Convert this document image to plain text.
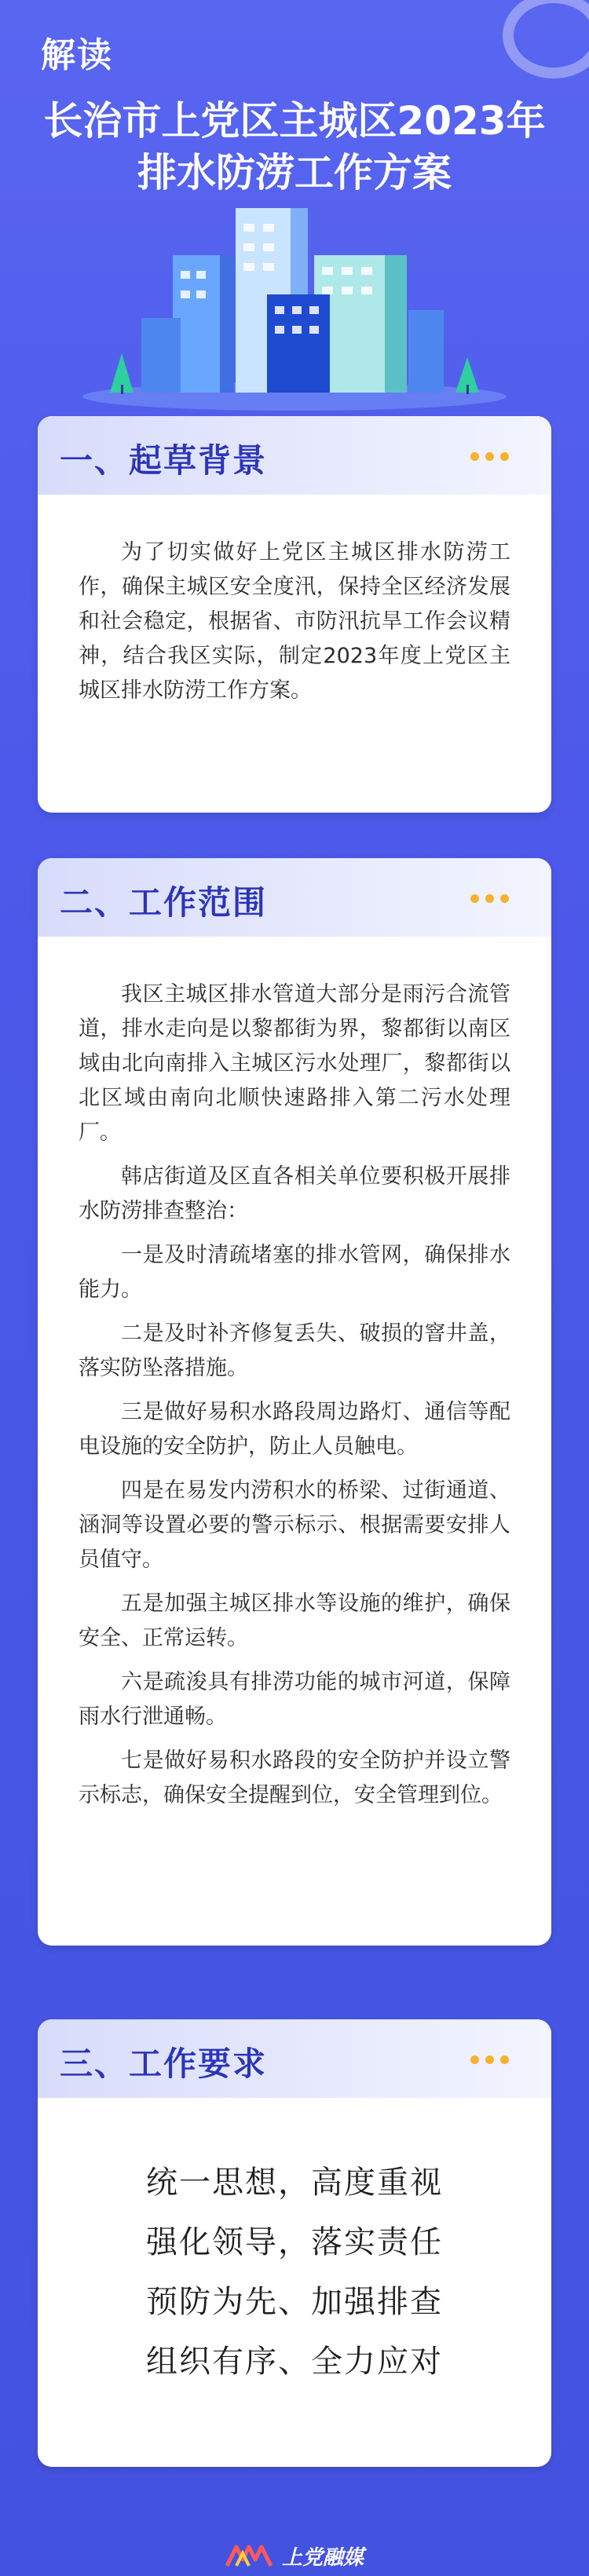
解读
长治市上党区主城区2023年
排水防涝工作方案
一、起草背景

为了切实做好上党区主城区排水防涝工作，确保主城区安全度汛，保持全区经济发展和社会稳定，根据省、市防汛抗旱工作会议精神，结合我区实际，制定2023年度上党区主城区排水防涝工作方案。

二、工作范围

我区主城区排水管道大部分是雨污合流管道，排水走向是以黎都街为界，黎都街以南区域由北向南排入主城区污水处理厂，黎都街以北区域由南向北顺快速路排入第二污水处理厂。

韩店街道及区直各相关单位要积极开展排水防涝排查整治：

一是及时清疏堵塞的排水管网，确保排水能力。

二是及时补齐修复丢失、破损的窨井盖，落实防坠落措施。

三是做好易积水路段周边路灯、通信等配电设施的安全防护，防止人员触电。

四是在易发内涝积水的桥梁、过街通道、涵洞等设置必要的警示标示、根据需要安排人员值守。

五是加强主城区排水等设施的维护，确保安全、正常运转。

六是疏浚具有排涝功能的城市河道，保障雨水行泄通畅。

七是做好易积水路段的安全防护并设立警示标志，确保安全提醒到位，安全管理到位。

三、工作要求

统一思想，高度重视

强化领导，落实责任

预防为先、加强排查

组织有序、全力应对

上党融媒
